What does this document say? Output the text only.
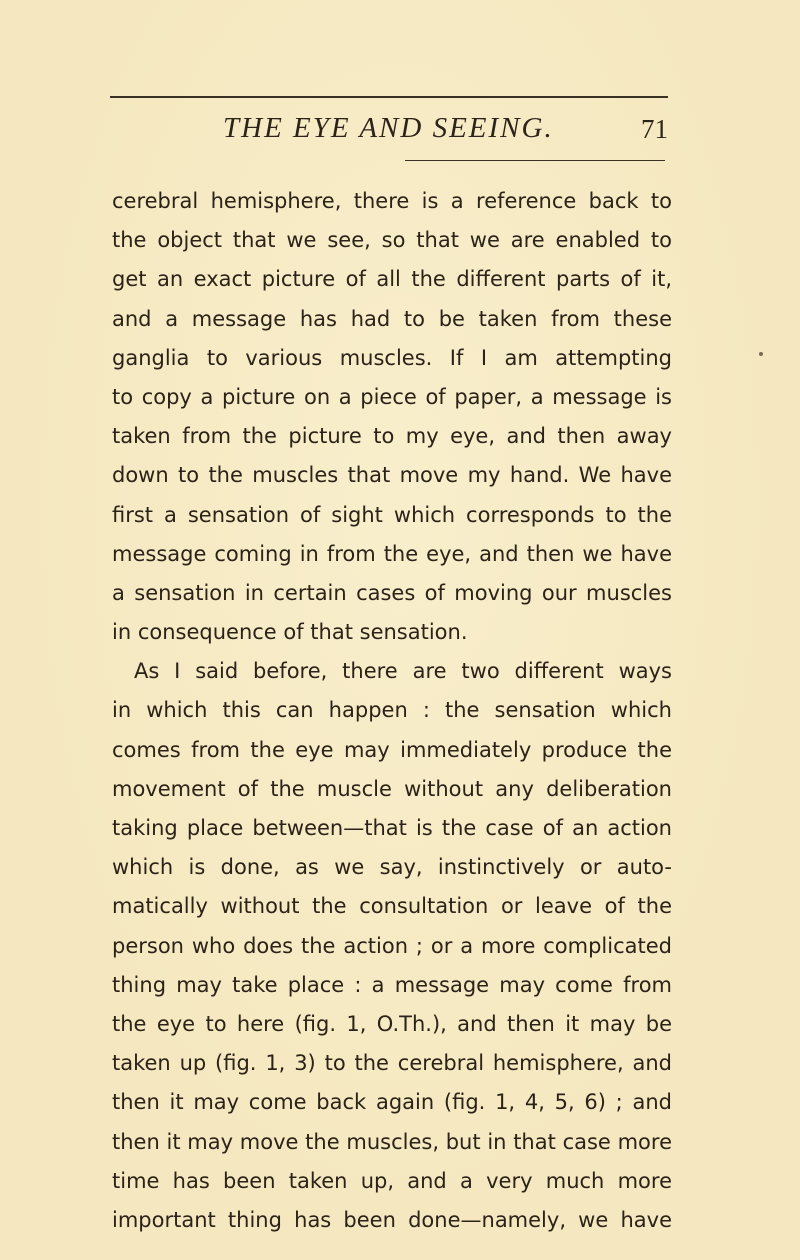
THE EYE AND SEEING.	71
cerebral hemisphere, there is a reference back to
the object that we see, so that we are enabled to
get an exact picture of all the different parts of it,
and a message has had to be taken from these
ganglia to various muscles. If I am attempting
to copy a picture on a piece of paper, a message is
taken from the picture to my eye, and then away
down to the muscles that move my hand. We have
first a sensation of sight which corresponds to the
message coming in from the eye, and then we have
a sensation in certain cases of moving our muscles
in consequence of that sensation.
As I said before, there are two different ways
in which this can happen : the sensation which
comes from the eye may immediately produce the
movement of the muscle without any deliberation
taking place between—that is the case of an action
which is done, as we say, instinctively or auto-
matically without the consultation or leave of the
person who does the action ; or a more complicated
thing may take place : a message may come from
the eye to here (fig. 1, O.Th.), and then it may be
taken up (fig. 1, 3) to the cerebral hemisphere, and
then it may come back again (fig. 1, 4, 5, 6) ; and
then it may move the muscles, but in that case more
time has been taken up, and a very much more
important thing has been done—namely, we have
